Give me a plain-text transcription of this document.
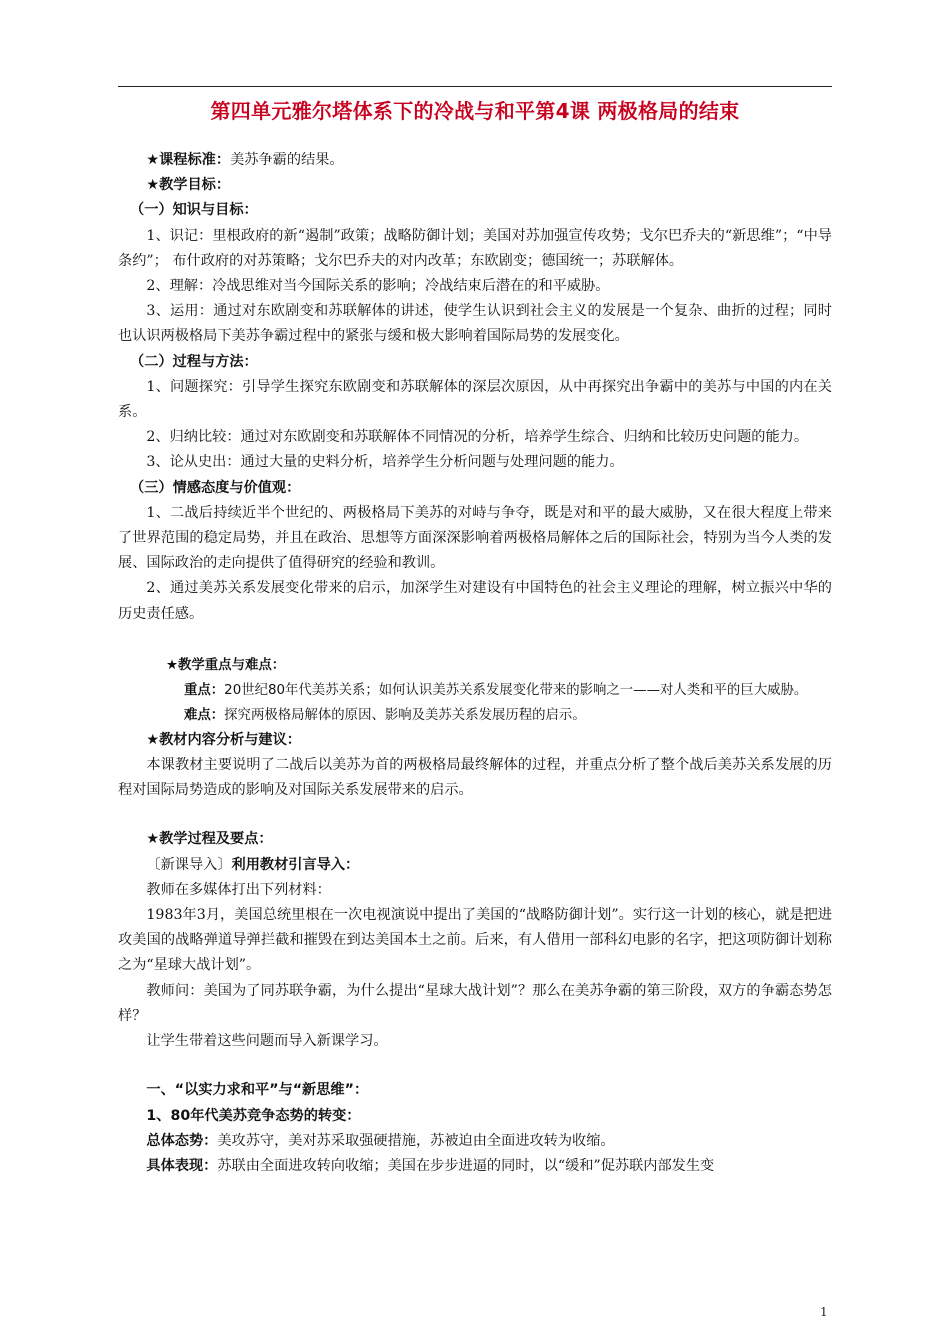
第四单元雅尔塔体系下的冷战与和平第4课 两极格局的结束

★课程标准：美苏争霸的结果。

★教学目标：

（一）知识与目标：

1、识记：里根政府的新“遏制”政策；战略防御计划；美国对苏加强宣传攻势；戈尔巴乔夫的“新思维”；“中导条约”； 布什政府的对苏策略；戈尔巴乔夫的对内改革；东欧剧变；德国统一；苏联解体。

2、理解：冷战思维对当今国际关系的影响；冷战结束后潜在的和平威胁。

3、运用：通过对东欧剧变和苏联解体的讲述，使学生认识到社会主义的发展是一个复杂、曲折的过程；同时也认识两极格局下美苏争霸过程中的紧张与缓和极大影响着国际局势的发展变化。

（二）过程与方法：

1、问题探究：引导学生探究东欧剧变和苏联解体的深层次原因，从中再探究出争霸中的美苏与中国的内在关系。

2、归纳比较：通过对东欧剧变和苏联解体不同情况的分析，培养学生综合、归纳和比较历史问题的能力。

3、论从史出：通过大量的史料分析，培养学生分析问题与处理问题的能力。

（三）情感态度与价值观：

1、二战后持续近半个世纪的、两极格局下美苏的对峙与争夺，既是对和平的最大威胁，又在很大程度上带来了世界范围的稳定局势，并且在政治、思想等方面深深影响着两极格局解体之后的国际社会，特别为当今人类的发展、国际政治的走向提供了值得研究的经验和教训。

2、通过美苏关系发展变化带来的启示，加深学生对建设有中国特色的社会主义理论的理解，树立振兴中华的历史责任感。

★教学重点与难点：

重点：20世纪80年代美苏关系；如何认识美苏关系发展变化带来的影响之一——对人类和平的巨大威胁。

难点：探究两极格局解体的原因、影响及美苏关系发展历程的启示。

★教材内容分析与建议：

本课教材主要说明了二战后以美苏为首的两极格局最终解体的过程，并重点分析了整个战后美苏关系发展的历程对国际局势造成的影响及对国际关系发展带来的启示。

★教学过程及要点：

〔新课导入〕利用教材引言导入：

教师在多媒体打出下列材料：

1983年3月，美国总统里根在一次电视演说中提出了美国的“战略防御计划”。实行这一计划的核心，就是把进攻美国的战略弹道导弹拦截和摧毁在到达美国本土之前。后来，有人借用一部科幻电影的名字，把这项防御计划称之为“星球大战计划”。

教师问：美国为了同苏联争霸，为什么提出“星球大战计划”？那么在美苏争霸的第三阶段，双方的争霸态势怎样？

让学生带着这些问题而导入新课学习。

一、“以实力求和平”与“新思维”：

1、80年代美苏竞争态势的转变：

总体态势：美攻苏守，美对苏采取强硬措施，苏被迫由全面进攻转为收缩。

具体表现：苏联由全面进攻转向收缩；美国在步步进逼的同时，以“缓和”促苏联内部发生变

1
